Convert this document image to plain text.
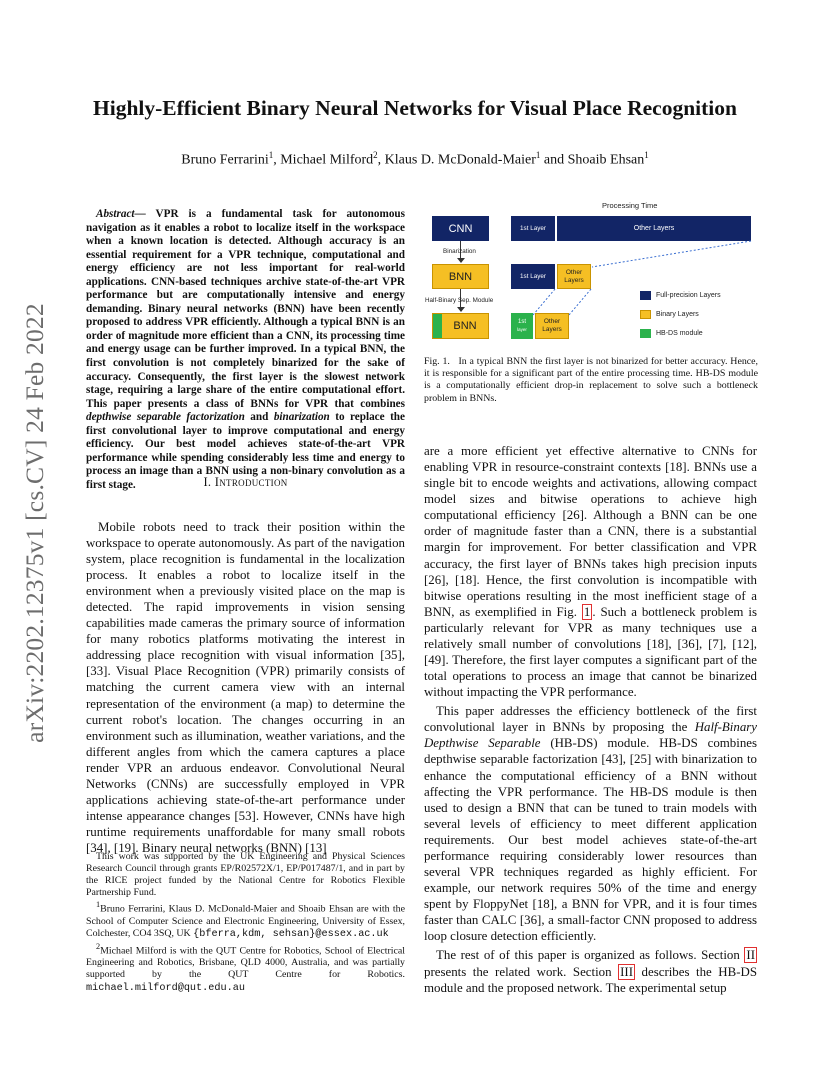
arXiv:2202.12375v1 [cs.CV] 24 Feb 2022
Highly-Efficient Binary Neural Networks for Visual Place Recognition
Bruno Ferrarini$^1$, Michael Milford$^2$, Klaus D. McDonald-Maier$^1$ and Shoaib Ehsan$^1$
Abstract— VPR is a fundamental task for autonomous navigation as it enables a robot to localize itself in the workspace when a known location is detected. Although accuracy is an essential requirement for a VPR technique, computational and energy efficiency are not less important for real-world applications. CNN-based techniques archive state-of-the-art VPR performance but are computationally intensive and energy demanding. Binary neural networks (BNN) have been recently proposed to address VPR efficiently. Although a typical BNN is an order of magnitude more efficient than a CNN, its processing time and energy usage can be further improved. In a typical BNN, the first convolution is not completely binarized for the sake of accuracy. Consequently, the first layer is the slowest network stage, requiring a large share of the entire computational effort. This paper presents a class of BNNs for VPR that combines depthwise separable factorization and binarization to replace the first convolutional layer to improve computational and energy efficiency. Our best model achieves state-of-the-art VPR performance while spending considerably less time and energy to process an image than a BNN using a non-binary convolution as a first stage.	I. Introduction

Mobile robots need to track their position within the workspace to operate autonomously. As part of the navigation system, place recognition is fundamental in the localization process. It enables a robot to localize itself in the environment when a previously visited place on the map is detected. The rapid improvements in vision sensing capabilities made cameras the primary source of information for many robotics platforms motivating the interest in addressing place recognition with visual information [35], [33]. Visual Place Recognition (VPR) primarily consists of matching the current camera view with an internal representation of the environment (a map) to determine the current robot's location. The changes occurring in an environment such as illumination, weather variations, and the different angles from which the camera captures a place render VPR an arduous endeavor. Convolutional Neural Networks (CNNs) are successfully employed in VPR applications achieving state-of-the-art performance under intense appearance changes [53]. However, CNNs have high runtime requirements unaffordable for many small robots [34], [19]. Binary neural networks (BNN) [13]

This work was supported by the UK Engineering and Physical Sciences Research Council through grants EP/R02572X/1, EP/P017487/1, and in part by the RICE project funded by the National Centre for Robotics Flexible Partnership Fund.

$^1$Bruno Ferrarini, Klaus D. McDonald-Maier and Shoaib Ehsan are with the School of Computer Science and Electronic Engineering, University of Essex, Colchester, CO4 3SQ, UK {bferra,kdm, sehsan}@essex.ac.uk

$^2$Michael Milford is with the QUT Centre for Robotics, School of Electrical Engineering and Robotics, Brisbane, QLD 4000, Australia, and was partially supported by the QUT Centre for Robotics. michael.milford@qut.edu.au

Processing Time
CNN
Binarization
BNN
Half-Binary Sep. Module
BNN
1st Layer	Other Layers
1st Layer
Other Layers
1st
layer
Other Layers
Full-precision Layers
Binary Layers
HB-DS module
Fig. 1. In a typical BNN the first layer is not binarized for better accuracy. Hence, it is responsible for a significant part of the entire processing time. HB-DS module is a computationally efficient drop-in replacement to solve such a bottleneck problem in BNNs.

are a more efficient yet effective alternative to CNNs for enabling VPR in resource-constraint contexts [18]. BNNs use a single bit to encode weights and activations, allowing compact model sizes and bitwise operations to achieve high computational efficiency [26]. Although a BNN can be one order of magnitude faster than a CNN, there is a substantial margin for improvement. For better classification and VPR accuracy, the first layer of BNNs takes high precision inputs [26], [18]. Hence, the first convolution is incompatible with bitwise operations resulting in the most inefficient stage of a BNN, as exemplified in Fig. 1 . Such a bottleneck problem is particularly relevant for VPR as many techniques use a relatively small number of convolutions [18], [36], [7], [12], [49]. Therefore, the first layer computes a significant part of the total operations to process an image that cannot be binarized without impacting the VPR performance.

This paper addresses the efficiency bottleneck of the first convolutional layer in BNNs by proposing the Half-Binary Depthwise Separable (HB-DS) module. HB-DS combines depthwise separable factorization [43], [25] with binarization to enhance the computational efficiency of a BNN without affecting the VPR performance. The HB-DS module is then used to design a BNN that can be tuned to train models with several levels of efficiency to meet different application requirements. Our best model achieves state-of-the-art performance requiring considerably lower resources than several VPR techniques regarded as highly efficient. For example, our network requires 50% of the time and energy spent by FloppyNet [18], a BNN for VPR, and it is four times faster than CALC [36], a small-factor CNN proposed to address loop closure detection efficiently.

The rest of of this paper is organized as follows. Section II presents the related work. Section III describes the HB-DS module and the proposed network. The experimental setup
